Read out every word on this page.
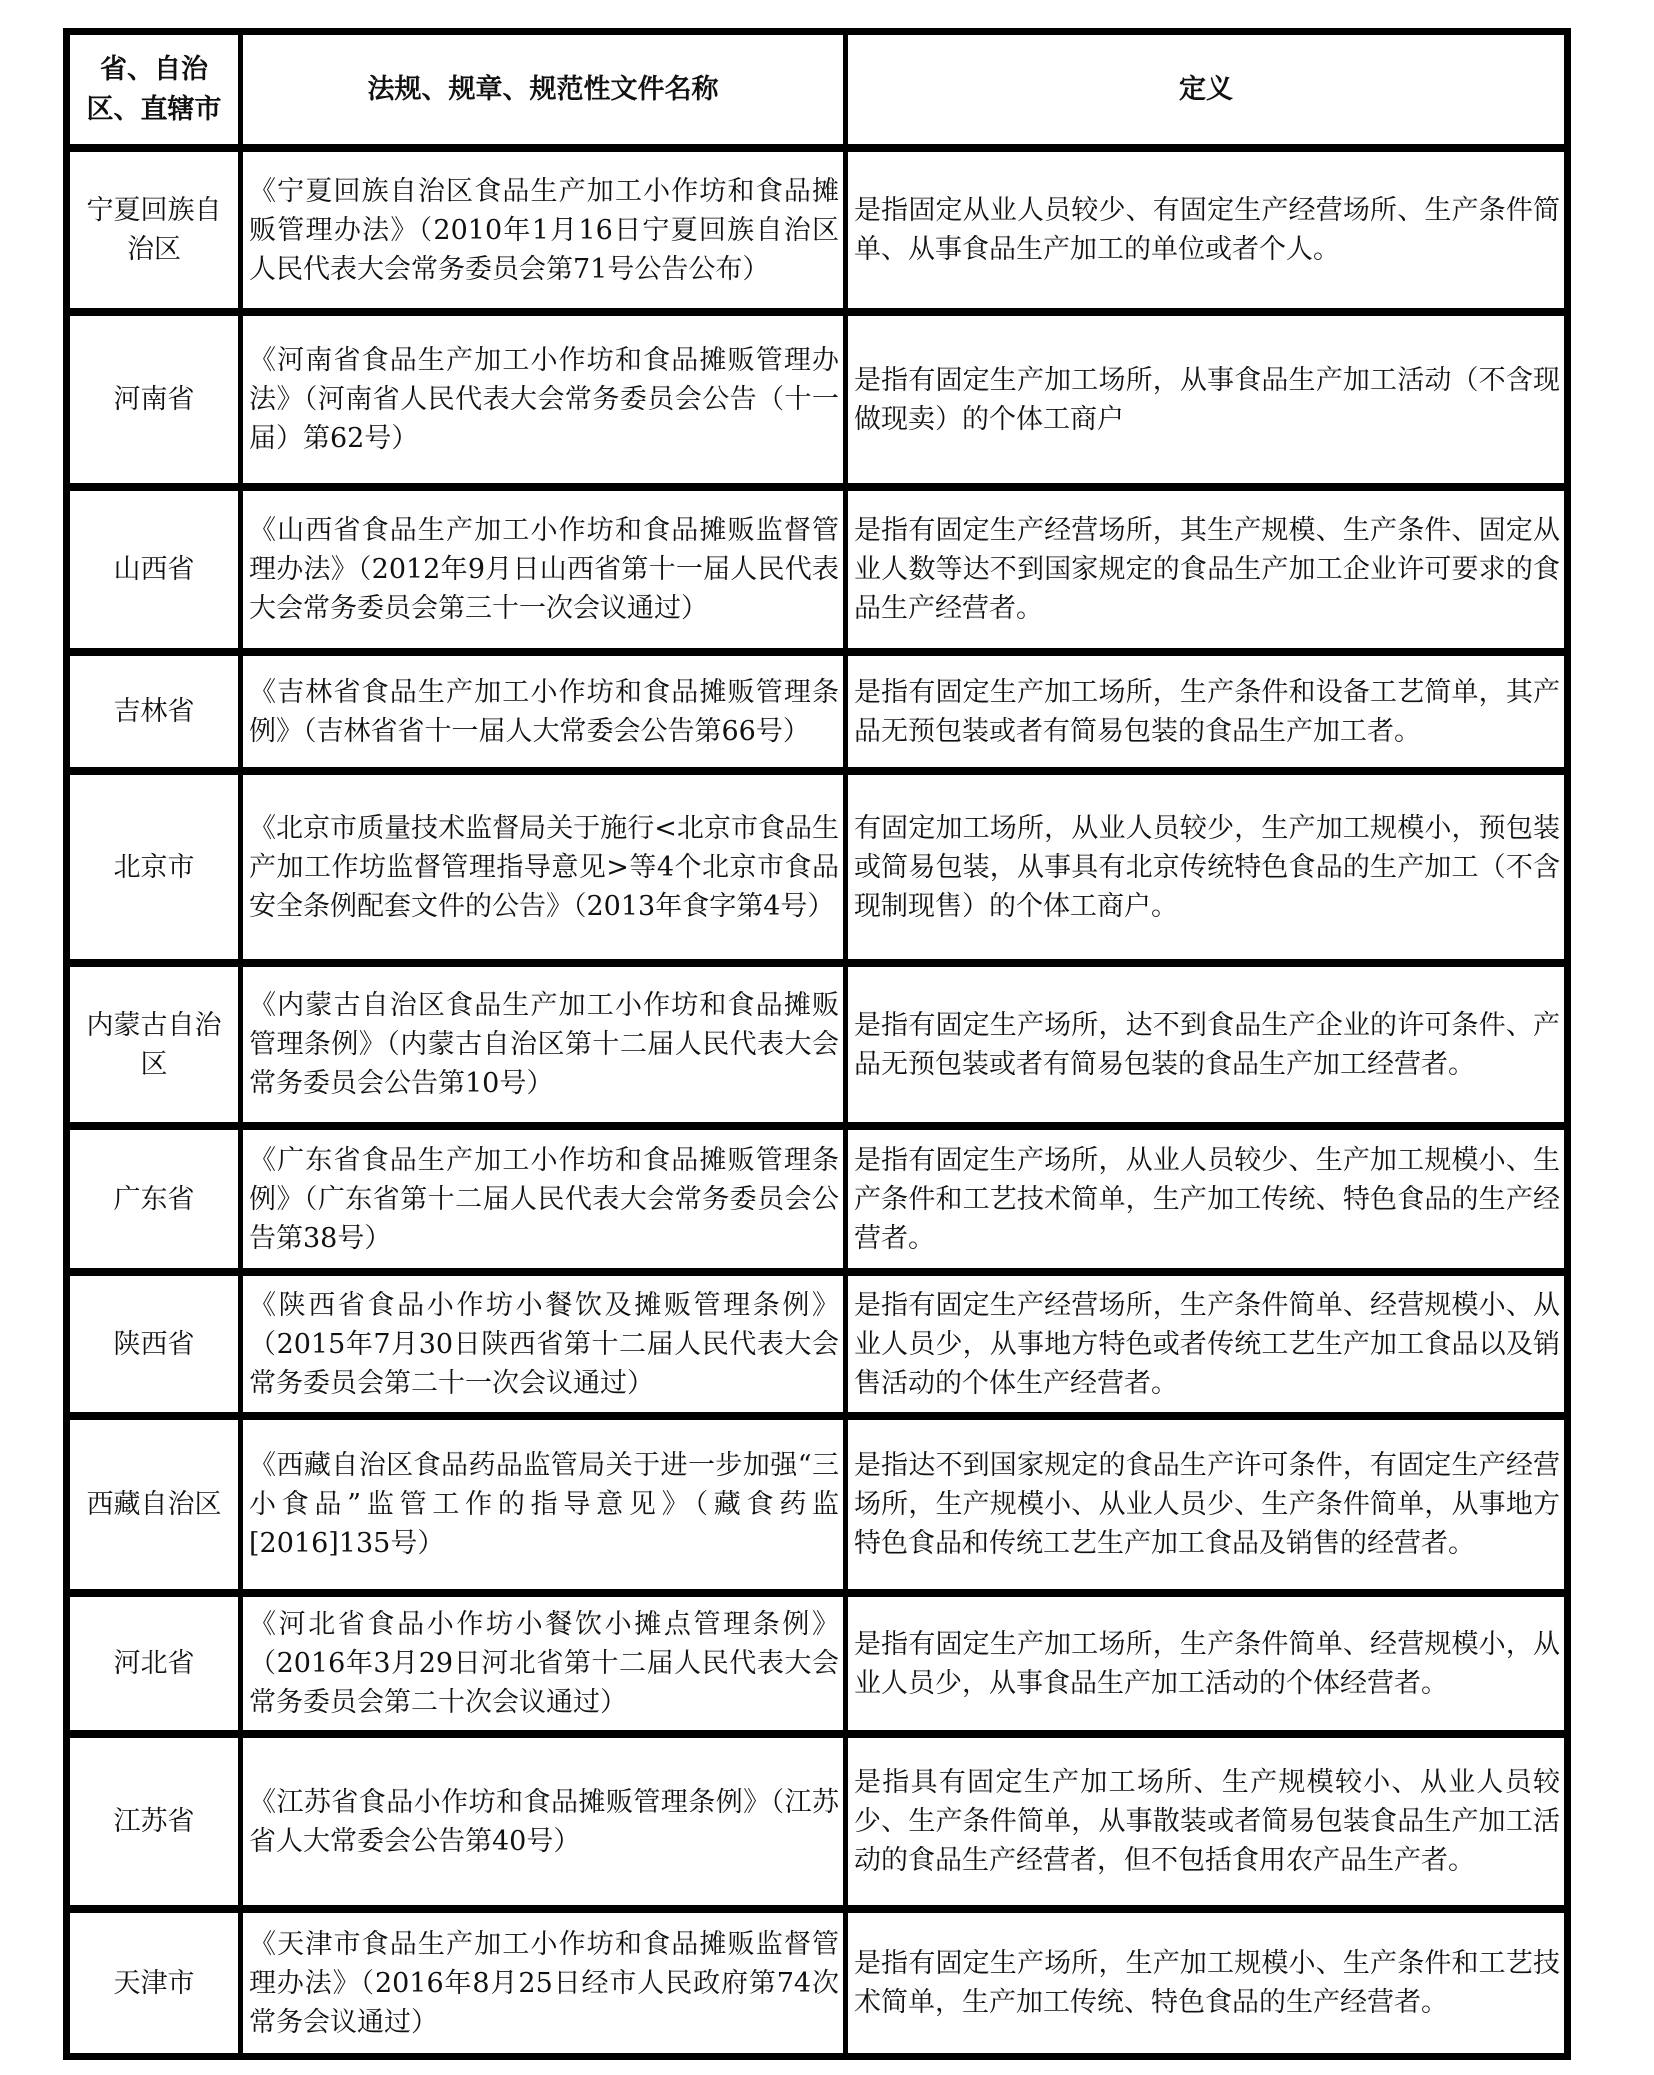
省、自治区、直辖市
法规、规章、规范性文件名称	定义
宁夏回族自治区
《宁夏回族自治区食品生产加工小作坊和食品摊贩管理办法》（2010年1月16日宁夏回族自治区人民代表大会常务委员会第71号公告公布）
是指固定从业人员较少、有固定生产经营场所、生产条件简单、从事食品生产加工的单位或者个人。
河南省
《河南省食品生产加工小作坊和食品摊贩管理办法》（河南省人民代表大会常务委员会公告（十一届）第62号）
是指有固定生产加工场所，从事食品生产加工活动（不含现做现卖）的个体工商户
山西省
《山西省食品生产加工小作坊和食品摊贩监督管理办法》（2012年9月日山西省第十一届人民代表大会常务委员会第三十一次会议通过）
是指有固定生产经营场所，其生产规模、生产条件、固定从业人数等达不到国家规定的食品生产加工企业许可要求的食品生产经营者。
吉林省
《吉林省食品生产加工小作坊和食品摊贩管理条例》（吉林省省十一届人大常委会公告第66号）
是指有固定生产加工场所，生产条件和设备工艺简单，其产品无预包装或者有简易包装的食品生产加工者。
北京市
《北京市质量技术监督局关于施行<北京市食品生产加工作坊监督管理指导意见>等4个北京市食品安全条例配套文件的公告》（2013年食字第4号）
有固定加工场所，从业人员较少，生产加工规模小，预包装或简易包装，从事具有北京传统特色食品的生产加工（不含现制现售）的个体工商户。
内蒙古自治区
《内蒙古自治区食品生产加工小作坊和食品摊贩管理条例》（内蒙古自治区第十二届人民代表大会常务委员会公告第10号）
是指有固定生产场所，达不到食品生产企业的许可条件、产品无预包装或者有简易包装的食品生产加工经营者。
广东省
《广东省食品生产加工小作坊和食品摊贩管理条例》（广东省第十二届人民代表大会常务委员会公告第38号）
是指有固定生产场所，从业人员较少、生产加工规模小、生产条件和工艺技术简单，生产加工传统、特色食品的生产经营者。
陕西省
《陕西省食品小作坊小餐饮及摊贩管理条例》（2015年7月30日陕西省第十二届人民代表大会常务委员会第二十一次会议通过）
是指有固定生产经营场所，生产条件简单、经营规模小、从业人员少，从事地方特色或者传统工艺生产加工食品以及销售活动的个体生产经营者。
西藏自治区
《西藏自治区食品药品监管局关于进一步加强“三小食品”监管工作的指导意见》（藏食药监[2016]135号）
是指达不到国家规定的食品生产许可条件，有固定生产经营场所，生产规模小、从业人员少、生产条件简单，从事地方特色食品和传统工艺生产加工食品及销售的经营者。
河北省
《河北省食品小作坊小餐饮小摊点管理条例》（2016年3月29日河北省第十二届人民代表大会常务委员会第二十次会议通过）
是指有固定生产加工场所，生产条件简单、经营规模小，从业人员少，从事食品生产加工活动的个体经营者。
江苏省
《江苏省食品小作坊和食品摊贩管理条例》（江苏省人大常委会公告第40号）
是指具有固定生产加工场所、生产规模较小、从业人员较少、生产条件简单，从事散装或者简易包装食品生产加工活动的食品生产经营者，但不包括食用农产品生产者。
天津市
《天津市食品生产加工小作坊和食品摊贩监督管理办法》（2016年8月25日经市人民政府第74次常务会议通过）
是指有固定生产场所，生产加工规模小、生产条件和工艺技术简单，生产加工传统、特色食品的生产经营者。
